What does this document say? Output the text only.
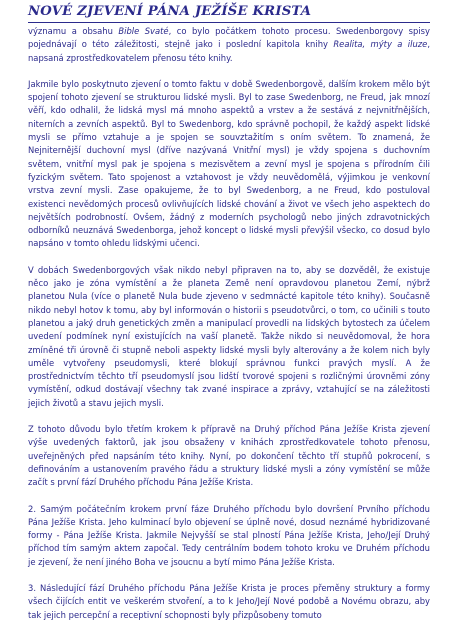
NOVÉ ZJEVENÍ PÁNA JEŽÍŠE KRISTA

významu a obsahu Bible Svaté, co bylo počátkem tohoto procesu. Swedenborgovy spisy pojednávají o této záležitosti, stejně jako i poslední kapitola knihy Realita, mýty a iluze, napsaná zprostředkovatelem přenosu této knihy.

Jakmile bylo poskytnuto zjevení o tomto faktu v době Swedenborgově, dalším krokem mělo být spojení tohoto zjevení se strukturou lidské mysli. Byl to zase Swedenborg, ne Freud, jak mnozí věří, kdo odhalil, že lidská mysl má mnoho aspektů a vrstev a že sestává z nejvnitřnějších, niterních a zevních aspektů. Byl to Swedenborg, kdo správně pochopil, že každý aspekt lidské mysli se přímo vztahuje a je spojen se souvztažitím s oním světem. To znamená, že Nejniternější duchovní mysl (dříve nazývaná Vnitřní mysl) je vždy spojena s duchovním světem, vnitřní mysl pak je spojena s mezisvětem a zevní mysl je spojena s přírodním čili fyzickým světem. Tato spojenost a vztahovost je vždy neuvědomělá, výjimkou je venkovní vrstva zevní mysli. Zase opakujeme, že to byl Swedenborg, a ne Freud, kdo postuloval existenci nevědomých procesů ovlivňujících lidské chování a život ve všech jeho aspektech do největších podrobností. Ovšem, žádný z moderních psychologů nebo jiných zdravotnických odborníků neuznává Swedenborga, jehož koncept o lidské mysli převýšil všecko, co dosud bylo napsáno v tomto ohledu lidskými učenci.

V dobách Swedenborgových však nikdo nebyl připraven na to, aby se dozvěděl, že existuje něco jako je zóna vymístění a že planeta Země není opravdovou planetou Zemí, nýbrž planetou Nula (více o planetě Nula bude zjeveno v sedmnácté kapitole této knihy). Současně nikdo nebyl hotov k tomu, aby byl informován o historii s pseudotvůrci, o tom, co učinili s touto planetou a jaký druh genetických změn a manipulací provedli na lidských bytostech za účelem uvedení podmínek nyní existujících na vaší planetě. Takže nikdo si neuvědomoval, že hora zmíněné tři úrovně či stupně neboli aspekty lidské mysli byly alterovány a že kolem nich byly uměle vytvořeny pseudomysli, které blokují správnou funkci pravých myslí. A že prostřednictvím těchto tří pseudomyslí jsou lidští tvorové spojeni s rozličnými úrovněmi zóny vymístění, odkud dostávají všechny tak zvané inspirace a zprávy, vztahující se na záležitosti jejich životů a stavu jejich mysli.

Z tohoto důvodu bylo třetím krokem k přípravě na Druhý příchod Pána Ježíše Krista zjevení výše uvedených faktorů, jak jsou obsaženy v knihách zprostředkovatele tohoto přenosu, uveřejněných před napsáním této knihy. Nyní, po dokončení těchto tří stupňů pokrocení, s definováním a ustanovením pravého řádu a struktury lidské mysli a zóny vymístění se může začít s první fází Druhého příchodu Pána Ježíše Krista.

2. Samým počátečním krokem první fáze Druhého příchodu bylo dovršení Prvního příchodu Pána Ježíše Krista. Jeho kulminací bylo objevení se úplně nové, dosud neznámé hybridizované formy - Pána Ježíše Krista. Jakmile Nejvyšší se stal plností Pána Ježíše Krista, Jeho/Její Druhý příchod tím samým aktem započal. Tedy centrálním bodem tohoto kroku ve Druhém příchodu je zjevení, že není jiného Boha ve jsoucnu a bytí mimo Pána Ježíše Krista.

3. Následující fází Druhého příchodu Pána Ježíše Krista je proces přeměny struktury a formy všech čijících entit ve veškerém stvoření, a to k Jeho/Její Nové podobě a Novému obrazu, aby tak jejich percepční a receptivní schopnosti byly přizpůsobeny tomuto
